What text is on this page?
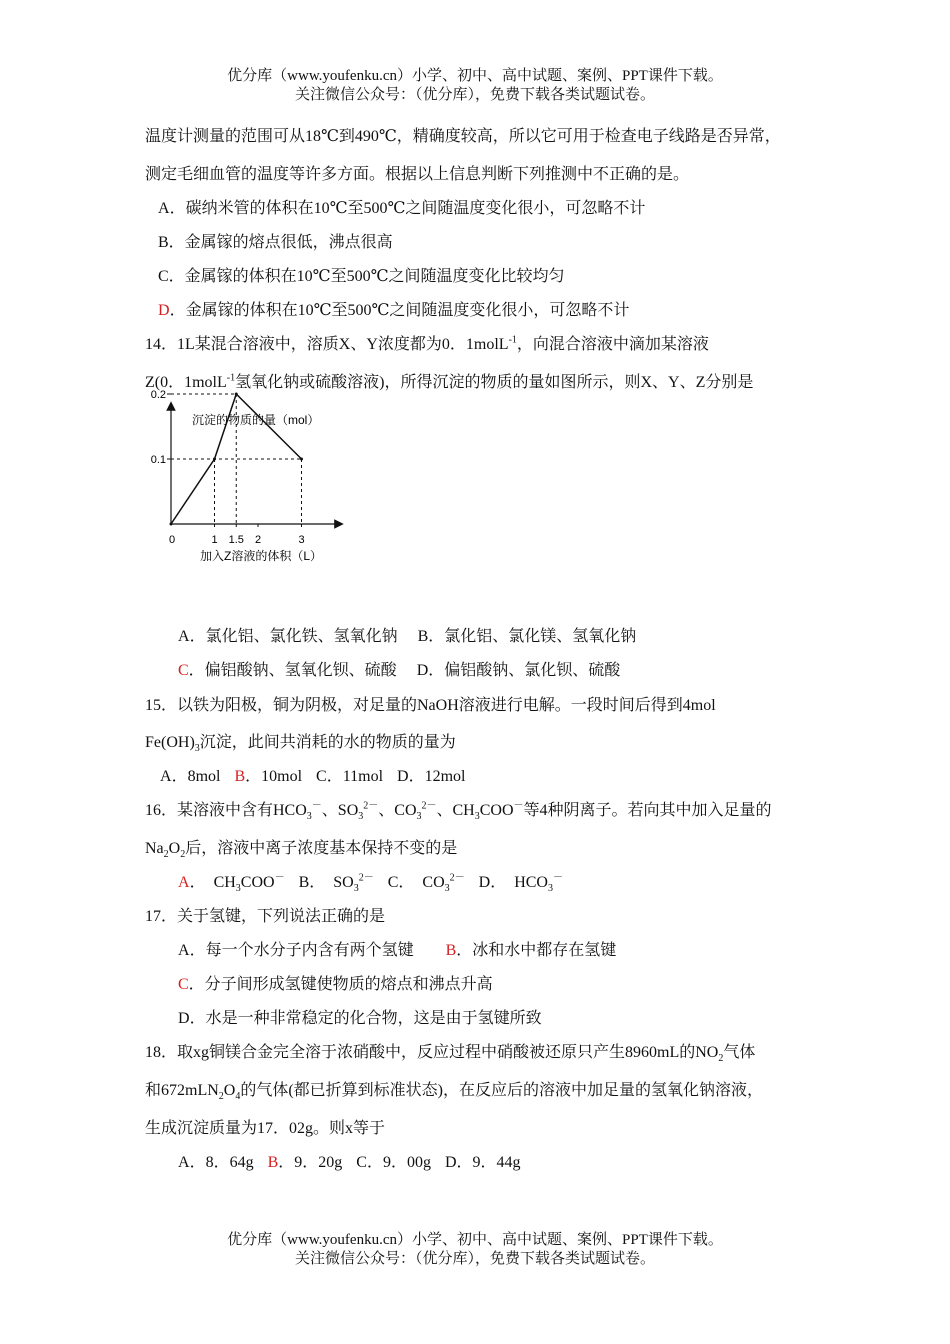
优分库（www.youfenku.cn）小学、初中、高中试题、案例、PPT课件下载。
关注微信公众号：（优分库），免费下载各类试题试卷。
温度计测量的范围可从18℃到490℃，精确度较高，所以它可用于检查电子线路是否异常，
测定毛细血管的温度等许多方面。根据以上信息判断下列推测中不正确的是。
A．碳纳米管的体积在10℃至500℃之间随温度变化很小，可忽略不计
B．金属镓的熔点很低，沸点很高
C．金属镓的体积在10℃至500℃之间随温度变化比较均匀
D．金属镓的体积在10℃至500℃之间随温度变化很小，可忽略不计
14．1L某混合溶液中，溶质X、Y浓度都为0．1molL$^{-1}$，向混合溶液中滴加某溶液
Z(0．1molL$^{-1}$氢氧化钠或硫酸溶液)，所得沉淀的物质的量如图所示，则X、Y、Z分别是
沉淀的物质的量（mol）
加入Z溶液的体积（L）
0	1 1.5 2	3
0.1
0.2
A．氯化铝、氯化铁、氢氧化钠 B．氯化铝、氯化镁、氢氧化钠
C．偏铝酸钠、氢氧化钡、硫酸 D．偏铝酸钠、氯化钡、硫酸
15．以铁为阳极，铜为阴极，对足量的NaOH溶液进行电解。一段时间后得到4mol
$Fe(OH)_3$沉淀，此间共消耗的水的物质的量为
A．8mol B．10mol C．11mol D．12mol
16．某溶液中含有$HCO_3^-$、$SO_3^{2-}$、$CO_3^{2-}$、$CH_3COO^-$等4种阴离子。若向其中加入足量的
$Na_2O_2$后，溶液中离子浓度基本保持不变的是
A．  $CH_3COO^-$ B．  $SO_3^{2-}$ C．  $CO_3^{2-}$ D．  $HCO_3^-$
17．关于氢键，下列说法正确的是
A．每一个水分子内含有两个氢键 B．冰和水中都存在氢键
C．分子间形成氢键使物质的熔点和沸点升高
D．水是一种非常稳定的化合物，这是由于氢键所致
18．取xg铜镁合金完全溶于浓硝酸中，反应过程中硝酸被还原只产生8960mL的$NO_2$气体
和$672mLN_2O_4$的气体(都已折算到标准状态)，在反应后的溶液中加足量的氢氧化钠溶液，
生成沉淀质量为17．02g。则x等于
A．8．64g B．9．20g C．9．00g D．9．44g
优分库（www.youfenku.cn）小学、初中、高中试题、案例、PPT课件下载。
关注微信公众号：（优分库），免费下载各类试题试卷。
